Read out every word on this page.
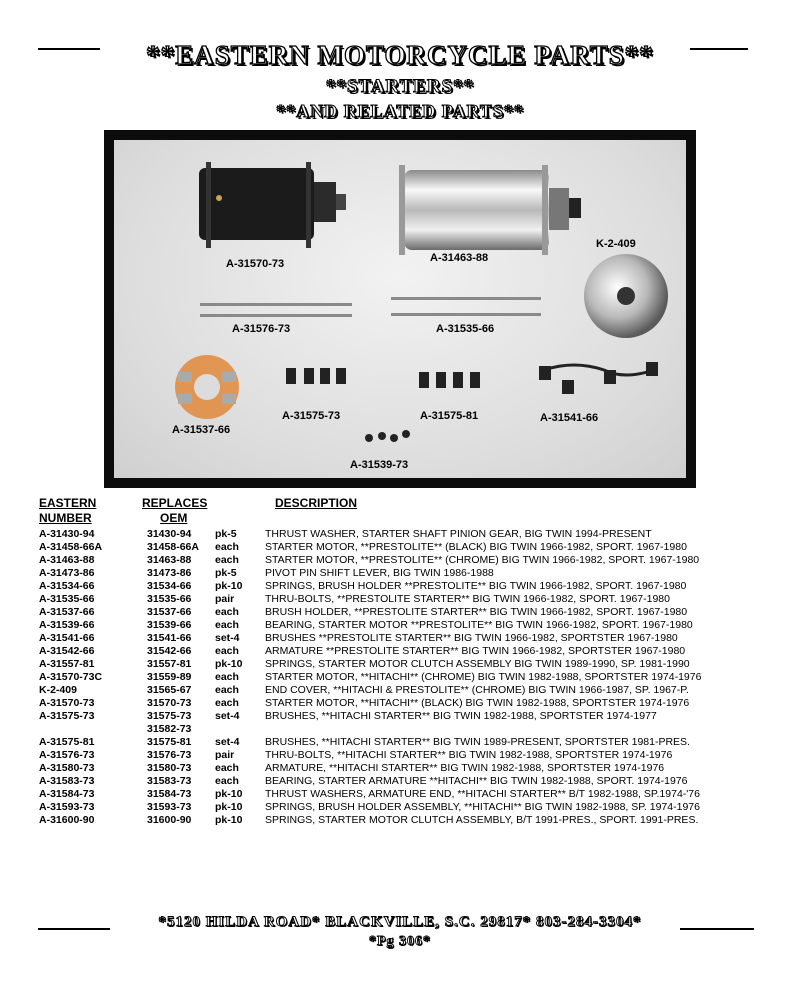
**EASTERN MOTORCYCLE PARTS**
**STARTERS**
**AND RELATED PARTS**
A-31570-73	A-31463-88
K-2-409
A-31576-73	A-31535-66
A-31575-73	A-31575-81	A-31541-66
A-31537-66
A-31539-73
EASTERN
NUMBER
REPLACES
OEM
DESCRIPTION
A-31430-94	31430-94 pk-5	THRUST WASHER, STARTER SHAFT PINION GEAR, BIG TWIN 1994-PRESENT
A-31458-66A	31458-66A each STARTER MOTOR, **PRESTOLITE** (BLACK) BIG TWIN 1966-1982, SPORT. 1967-1980
A-31463-88	31463-88 each STARTER MOTOR, **PRESTOLITE** (CHROME) BIG TWIN 1966-1982, SPORT. 1967-1980
A-31473-86	31473-86 pk-5	PIVOT PIN SHIFT LEVER, BIG TWIN 1986-1988
A-31534-66	31534-66 pk-10 SPRINGS, BRUSH HOLDER **PRESTOLITE** BIG TWIN 1966-1982, SPORT. 1967-1980
A-31535-66	31535-66 pair	THRU-BOLTS, **PRESTOLITE STARTER** BIG TWIN 1966-1982, SPORT. 1967-1980
A-31537-66	31537-66 each BRUSH HOLDER, **PRESTOLITE STARTER** BIG TWIN 1966-1982, SPORT. 1967-1980
A-31539-66	31539-66 each BEARING, STARTER MOTOR **PRESTOLITE** BIG TWIN 1966-1982, SPORT. 1967-1980
A-31541-66	31541-66 set-4 BRUSHES **PRESTOLITE STARTER** BIG TWIN 1966-1982, SPORTSTER 1967-1980
A-31542-66	31542-66 each ARMATURE **PRESTOLITE STARTER** BIG TWIN 1966-1982, SPORTSTER 1967-1980
A-31557-81	31557-81 pk-10 SPRINGS, STARTER MOTOR CLUTCH ASSEMBLY BIG TWIN 1989-1990, SP. 1981-1990
A-31570-73C	31559-89 each STARTER MOTOR, **HITACHI** (CHROME) BIG TWIN 1982-1988, SPORTSTER 1974-1976
K-2-409	31565-67 each END COVER, **HITACHI & PRESTOLITE** (CHROME) BIG TWIN 1966-1987, SP. 1967-P.
A-31570-73	31570-73 each STARTER MOTOR, **HITACHI** (BLACK) BIG TWIN 1982-1988, SPORTSTER 1974-1976
A-31575-73	31575-73 set-4 BRUSHES, **HITACHI STARTER** BIG TWIN 1982-1988, SPORTSTER 1974-1977
31582-73
A-31575-81	31575-81 set-4 BRUSHES, **HITACHI STARTER** BIG TWIN 1989-PRESENT, SPORTSTER 1981-PRES.
A-31576-73	31576-73 pair	THRU-BOLTS, **HITACHI STARTER** BIG TWIN 1982-1988, SPORTSTER 1974-1976
A-31580-73	31580-73 each ARMATURE, **HITACHI STARTER** BIG TWIN 1982-1988, SPORTSTER 1974-1976
A-31583-73	31583-73 each BEARING, STARTER ARMATURE **HITACHI** BIG TWIN 1982-1988, SPORT. 1974-1976
A-31584-73	31584-73 pk-10 THRUST WASHERS, ARMATURE END, **HITACHI STARTER** B/T 1982-1988, SP.1974-'76
A-31593-73	31593-73 pk-10 SPRINGS, BRUSH HOLDER ASSEMBLY, **HITACHI** BIG TWIN 1982-1988, SP. 1974-1976
A-31600-90	31600-90 pk-10 SPRINGS, STARTER MOTOR CLUTCH ASSEMBLY, B/T 1991-PRES., SPORT. 1991-PRES.
*5120 HILDA ROAD* BLACKVILLE, S.C. 29817* 803-284-3304*
*Pg 306*
